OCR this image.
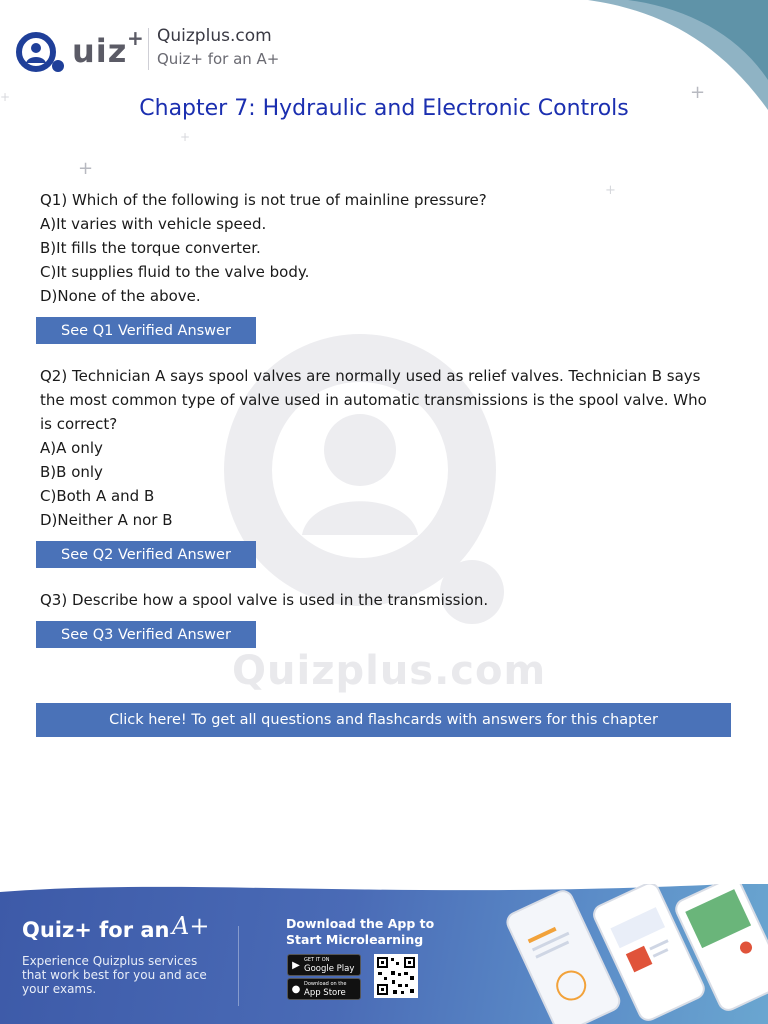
+
+
+
+
+
uiz + Quizplus.com
Quiz+ for an A+
Chapter 7: Hydraulic and Electronic Controls
Quizplus.com

Q1) Which of the following is not true of mainline pressure?

A)It varies with vehicle speed.

B)It fills the torque converter.

C)It supplies fluid to the valve body.

D)None of the above.

See Q1 Verified Answer

Q2) Technician A says spool valves are normally used as relief valves. Technician B says

the most common type of valve used in automatic transmissions is the spool valve. Who

is correct?

A)A only

B)B only

C)Both A and B

D)Neither A nor B

See Q2 Verified Answer

Q3) Describe how a spool valve is used in the transmission.

See Q3 Verified Answer
Click here! To get all questions and flashcards with answers for this chapter
Quiz+ for an A+
Experience Quizplus services that work best for you and ace your exams.
Download the App to Start Microlearning
▶ GET IT ON
Google Play
● Download on the
App Store
